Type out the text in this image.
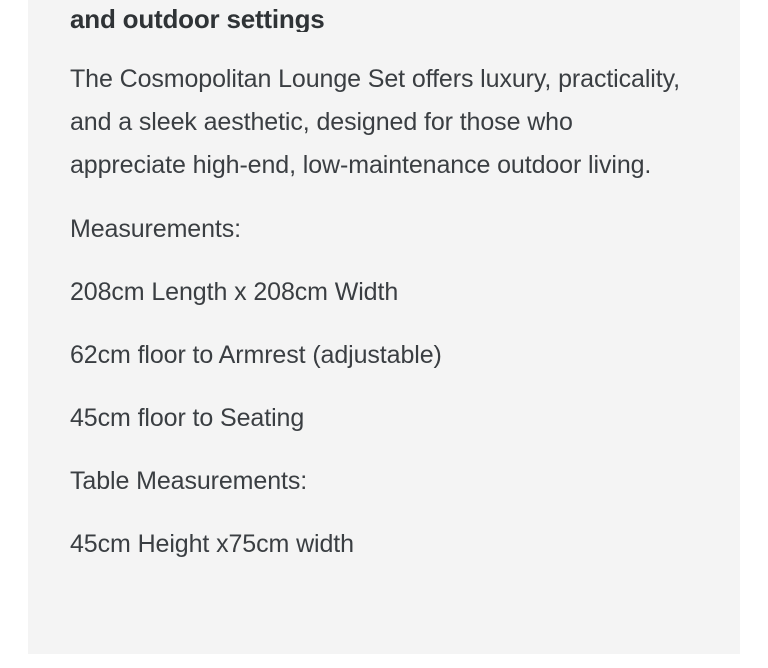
and outdoor settings

The Cosmopolitan Lounge Set offers luxury, practicality, and a sleek aesthetic, designed for those who appreciate high-end, low-maintenance outdoor living.

Measurements:

208cm Length x 208cm Width

62cm floor to Armrest (adjustable)

45cm floor to Seating

Table Measurements:

45cm Height x75cm width
